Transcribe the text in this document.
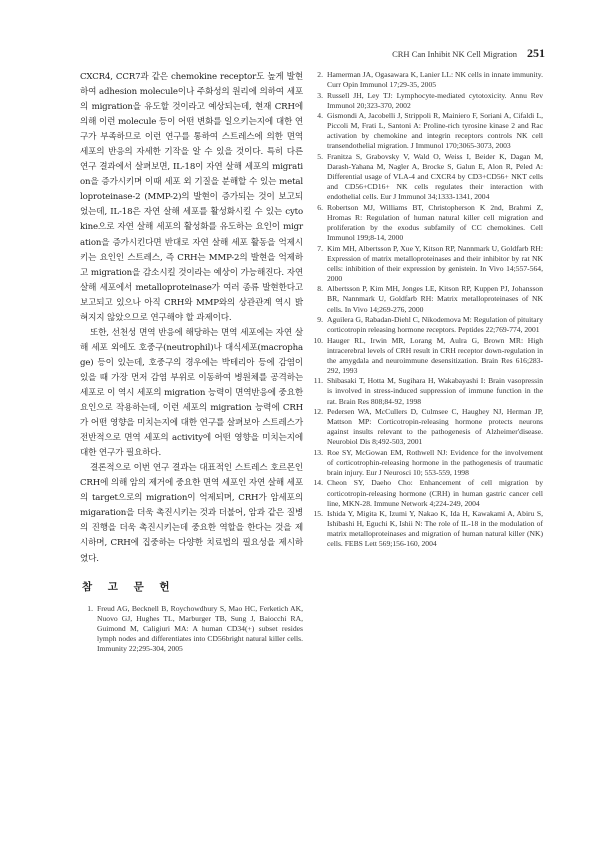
CRH Can Inhibit NK Cell Migration 251

CXCR4, CCR7과 같은 chemokine receptor도 높게 발현하여 adhesion molecule이나 주화성의 원리에 의하여 세포의 migration을 유도할 것이라고 예상되는데, 현재 CRH에 의해 이런 molecule 등이 어떤 변화를 일으키는지에 대한 연구가 부족하므로 이런 연구를 통하여 스트레스에 의한 면역 세포의 반응의 자세한 기작을 알 수 있을 것이다. 특히 다른 연구 결과에서 살펴보면, IL-18이 자연 살해 세포의 migration을 증가시키며 이때 세포 외 기질을 분해할 수 있는 metalloproteinase-2 (MMP-2)의 발현이 증가되는 것이 보고되었는데, IL-18은 자연 살해 세포를 활성화시킬 수 있는 cytokine으로 자연 살해 세포의 활성화를 유도하는 요인이 migration을 증가시킨다면 반대로 자연 살해 세포 활동을 억제시키는 요인인 스트레스, 즉 CRH는 MMP-2의 발현을 억제하고 migration을 감소시킬 것이라는 예상이 가능해진다. 자연 살해 세포에서 metalloproteinase가 여러 종류 발현한다고 보고되고 있으나 아직 CRH와 MMP와의 상관관계 역시 밝혀지지 않았으므로 연구해야 할 과제이다.

또한, 선천성 면역 반응에 해당하는 면역 세포에는 자연 살해 세포 외에도 호중구(neutrophil)나 대식세포(macrophage) 등이 있는데, 호중구의 경우에는 박테리아 등에 감염이 있을 때 가장 먼저 감염 부위로 이동하여 병원체를 공격하는 세포로 이 역시 세포의 migration 능력이 면역반응에 중요한 요인으로 작용하는데, 이런 세포의 migration 능력에 CRH가 어떤 영향을 미치는지에 대한 연구를 살펴보아 스트레스가 전반적으로 면역 세포의 activity에 어떤 영향을 미치는지에 대한 연구가 필요하다.

결론적으로 이번 연구 결과는 대표적인 스트레스 호르몬인 CRH에 의해 암의 제거에 중요한 면역 세포인 자연 살해 세포의 target으로의 migration이 억제되며, CRH가 암세포의 migaration을 더욱 촉진시키는 것과 더불어, 암과 같은 질병의 진행을 더욱 촉진시키는데 중요한 역할을 한다는 것을 제시하며, CRH에 집중하는 다양한 치료법의 필요성을 제시하였다.

참 고 문 헌
1. Freud AG, Becknell B, Roychowdhury S, Mao HC, Ferketich AK, Nuovo GJ, Hughes TL, Marburger TB, Sung J, Baiocchi RA, Guimond M, Caligiuri MA: A human CD34(+) subset resides lymph nodes and differentiates into CD56bright natural killer cells. Immunity 22;295-304, 2005
2. Hamerman JA, Ogasawara K, Lanier LL: NK cells in innate immunity. Curr Opin Immunol 17;29-35, 2005
3. Russell JH, Ley TJ: Lymphocyte-mediated cytotoxicity. Annu Rev Immunol 20;323-370, 2002
4. Gismondi A, Jacobelli J, Strippoli R, Mainiero F, Soriani A, Cifaldi L, Piccoli M, Frati L, Santoni A: Proline-rich tyrosine kinase 2 and Rac activation by chemokine and integrin receptors controls NK cell transendothelial migration. J Immunol 170;3065-3073, 2003
5. Franitza S, Grabovsky V, Wald O, Weiss I, Beider K, Dagan M, Darash-Yahana M, Nagler A, Brocke S, Galun E, Alon R, Peled A: Differential usage of VLA-4 and CXCR4 by CD3+CD56+ NKT cells and CD56+CD16+ NK cells regulates their interaction with endothelial cells. Eur J Immunol 34;1333-1341, 2004
6. Robertson MJ, Williams BT, Christopherson K 2nd, Brahmi Z, Hromas R: Regulation of human natural killer cell migration and proliferation by the exodus subfamily of CC chemokines. Cell Immunol 199;8-14, 2000
7. Kim MH, Albertsson P, Xue Y, Kitson RP, Nannmark U, Goldfarb RH: Expression of matrix metalloproteinases and their inhibitor by rat NK cells: inhibition of their expression by genistein. In Vivo 14;557-564, 2000
8. Albertsson P, Kim MH, Jonges LE, Kitson RP, Kuppen PJ, Johansson BR, Nannmark U, Goldfarb RH: Matrix metalloproteinases of NK cells. In Vivo 14;269-276, 2000
9. Aguilera G, Rabadan-Diehl C, Nikodemova M: Regulation of pituitary corticotropin releasing hormone receptors. Peptides 22;769-774, 2001
10. Hauger RL, Irwin MR, Lorang M, Aulra G, Brown MR: High intracerebral levels of CRH result in CRH receptor down-regulation in the amygdala and neuroimmune desensitization. Brain Res 616;283-292, 1993
11. Shibasaki T, Hotta M, Sugihara H, Wakabayashi I: Brain vasopressin is involved in stress-induced suppression of immune function in the rat. Brain Res 808;84-92, 1998
12. Pedersen WA, McCullers D, Culmsee C, Haughey NJ, Herman JP, Mattson MP: Corticotropin-releasing hormone protects neurons against insults relevant to the pathogenesis of Alzheimer'disease. Neurobiol Dis 8;492-503, 2001
13. Roe SY, McGowan EM, Rothwell NJ: Evidence for the involvement of corticotrophin-releasing hormone in the pathogenesis of traumatic brain injury. Eur J Neurosci 10; 553-559, 1998
14. Cheon SY, Daeho Cho: Enhancement of cell migration by corticotropin-releasing hormone (CRH) in human gastric cancer cell line, MKN-28. Immune Network 4;224-249, 2004
15. Ishida Y, Migita K, Izumi Y, Nakao K, Ida H, Kawakami A, Abiru S, Ishibashi H, Eguchi K, Ishii N: The role of IL-18 in the modulation of matrix metalloproteinases and migration of human natural killer (NK) cells. FEBS Lett 569;156-160, 2004
